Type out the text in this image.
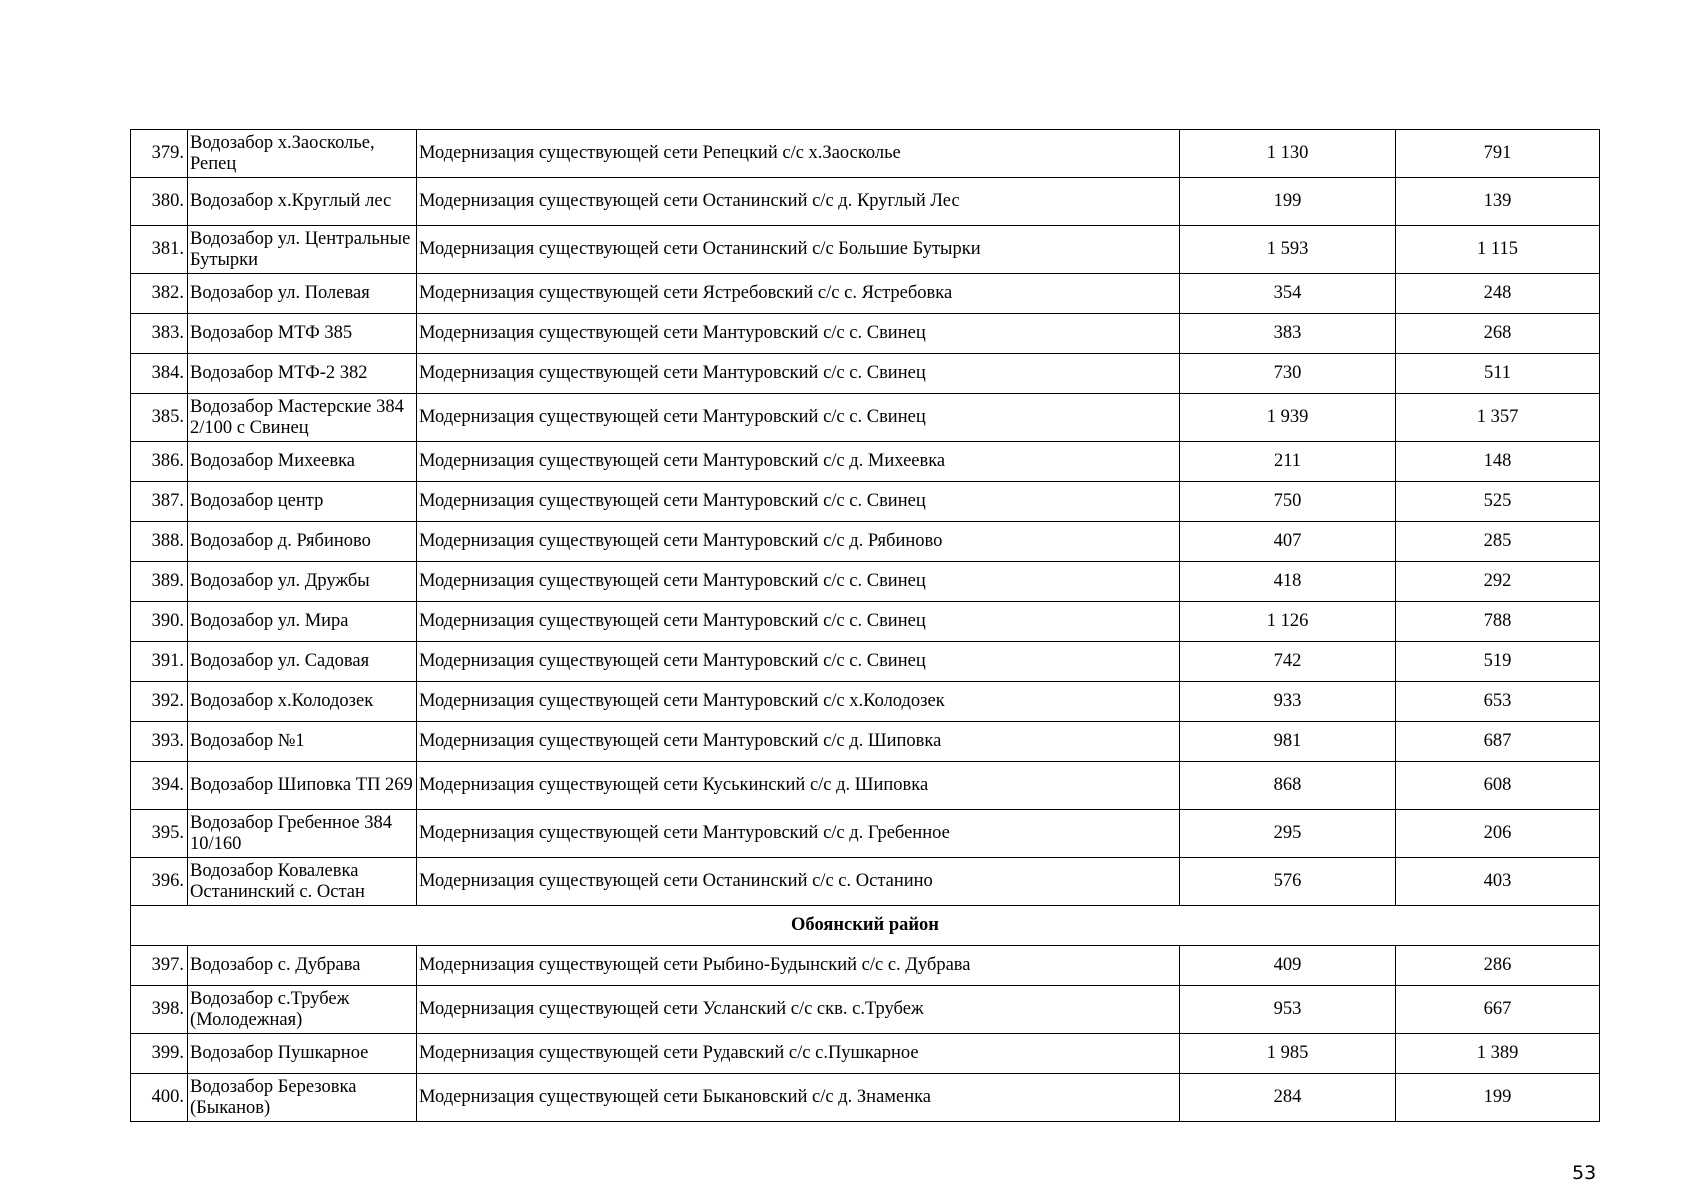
379.	Водозабор х.Заосколье, Репец	Модернизация существующей сети Репецкий с/с х.Заосколье	1 130	791
380.	Водозабор х.Круглый лес	Модернизация существующей сети Останинский с/с д. Круглый Лес	199	139
381.	Водозабор ул. Центральные Бутырки	Модернизация существующей сети Останинский с/с Большие Бутырки	1 593	1 115
382.	Водозабор ул. Полевая	Модернизация существующей сети Ястребовский с/с с. Ястребовка	354	248
383.	Водозабор МТФ 385	Модернизация существующей сети Мантуровский с/с с. Свинец	383	268
384.	Водозабор МТФ-2 382	Модернизация существующей сети Мантуровский с/с с. Свинец	730	511
385.	Водозабор Мастерские 384 2/100 с Свинец	Модернизация существующей сети Мантуровский с/с с. Свинец	1 939	1 357
386.	Водозабор Михеевка	Модернизация существующей сети Мантуровский с/с д. Михеевка	211	148
387.	Водозабор центр	Модернизация существующей сети Мантуровский с/с с. Свинец	750	525
388.	Водозабор д. Рябиново	Модернизация существующей сети Мантуровский с/с д. Рябиново	407	285
389.	Водозабор ул. Дружбы	Модернизация существующей сети Мантуровский с/с с. Свинец	418	292
390.	Водозабор ул. Мира	Модернизация существующей сети Мантуровский с/с с. Свинец	1 126	788
391.	Водозабор ул. Садовая	Модернизация существующей сети Мантуровский с/с с. Свинец	742	519
392.	Водозабор х.Колодозек	Модернизация существующей сети Мантуровский с/с х.Колодозек	933	653
393.	Водозабор №1	Модернизация существующей сети Мантуровский с/с д. Шиповка	981	687
394.	Водозабор Шиповка ТП 269	Модернизация существующей сети Куськинский с/с д. Шиповка	868	608
395.	Водозабор Гребенное 384 10/160	Модернизация существующей сети Мантуровский с/с д. Гребенное	295	206
396.	Водозабор Ковалевка Останинский с. Остан	Модернизация существующей сети Останинский с/с с. Останино	576	403
Обоянский район				
397.	Водозабор с. Дубрава	Модернизация существующей сети Рыбино-Будынский с/с с. Дубрава	409	286
398.	Водозабор с.Трубеж (Молодежная)	Модернизация существующей сети Усланский с/с скв. с.Трубеж	953	667
399.	Водозабор Пушкарное	Модернизация существующей сети Рудавский с/с с.Пушкарное	1 985	1 389
400.	Водозабор Березовка (Быканов)	Модернизация существующей сети Быкановский с/с д. Знаменка	284	199
53
